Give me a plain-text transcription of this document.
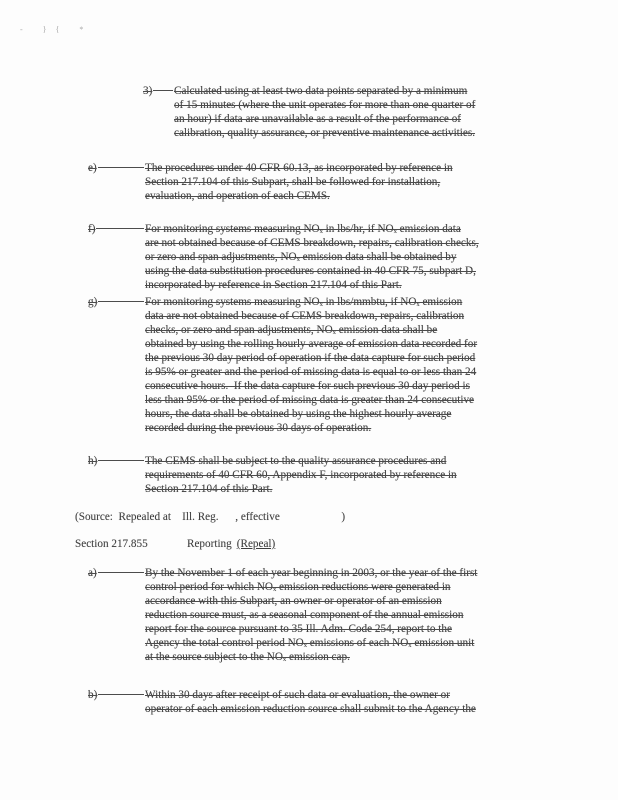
- }{ *
3) Calculated using at least two data points separated by a minimum
of 15 minutes (where the unit operates for more than one quarter of
an hour) if data are unavailable as a result of the performance of
calibration, quality assurance, or preventive maintenance activities.
e)	The procedures under 40 CFR 60.13, as incorporated by reference in
Section 217.104 of this Subpart, shall be followed for installation,
evaluation, and operation of each CEMS.
f)	For monitoring systems measuring NOₓ in lbs/hr, if NOₓ emission data
are not obtained because of CEMS breakdown, repairs, calibration checks,
or zero and span adjustments, NOₓ emission data shall be obtained by
using the data substitution procedures contained in 40 CFR 75, subpart D,
incorporated by reference in Section 217.104 of this Part.
g)	For monitoring systems measuring NOₓ in lbs/mmbtu, if NOₓ emission
data are not obtained because of CEMS breakdown, repairs, calibration
checks, or zero and span adjustments, NOₓ emission data shall be
obtained by using the rolling hourly average of emission data recorded for
the previous 30 day period of operation if the data capture for such period
is 95% or greater and the period of missing data is equal to or less than 24
consecutive hours.  If the data capture for such previous 30 day period is
less than 95% or the period of missing data is greater than 24 consecutive
hours, the data shall be obtained by using the highest hourly average
recorded during the previous 30 days of operation.
h)	The CEMS shall be subject to the quality assurance procedures and
requirements of 40 CFR 60, Appendix F, incorporated by reference in
Section 217.104 of this Part.
(Source:  Repealed at    Ill. Reg.      , effective                      )
Section 217.855	Reporting (Repeal)
a)	By the November 1 of each year beginning in 2003, or the year of the first
control period for which NOₓ emission reductions were generated in
accordance with this Subpart, an owner or operator of an emission
reduction source must, as a seasonal component of the annual emission
report for the source pursuant to 35 Ill. Adm. Code 254, report to the
Agency the total control period NOₓ emissions of each NOₓ emission unit
at the source subject to the NOₓ emission cap.
b)	Within 30 days after receipt of such data or evaluation, the owner or
operator of each emission reduction source shall submit to the Agency the
